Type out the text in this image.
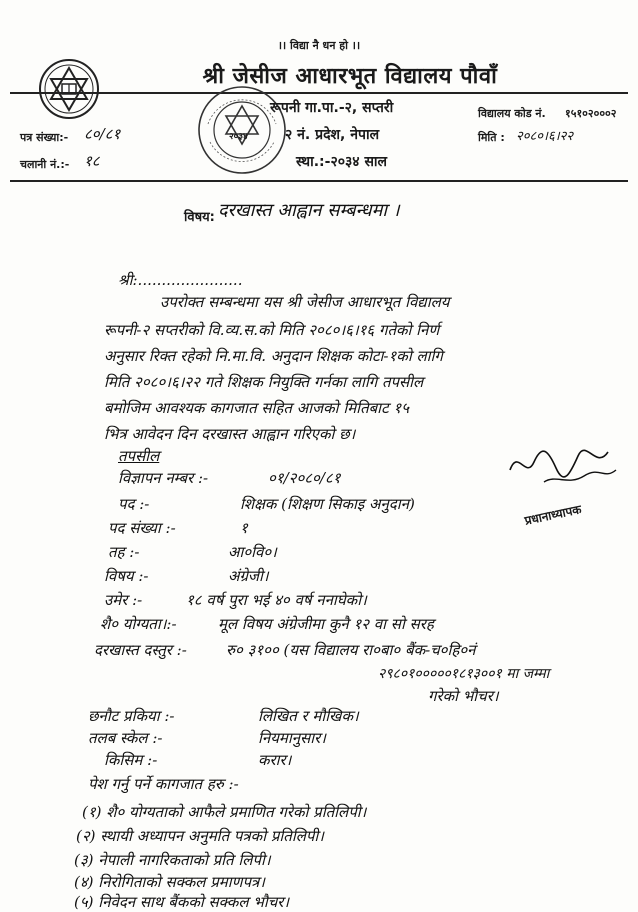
।। विद्या नै धन हो ।।
श्री जेसीज आधारभूत विद्यालय पौवाँ
२०३४
रूपनी गा.पा.-२, सप्तरी
२ नं. प्रदेश, नेपाल
स्था.:-२०३४ साल
विद्यालय कोड नं. १५१०२०००२
मिति : २०८०।६।२२
पत्र संख्या:- ८०/८१
चलानी नं.:- १८
विषय: दरखास्त आह्वान सम्बन्धमा ।
श्री:......................
उपरोक्त सम्बन्धमा यस श्री जेसीज आधारभूत विद्यालय
रूपनी-२ सप्तरीको वि.व्य.स.को मिति २०८०।६।१६ गतेको निर्ण
अनुसार रिक्त रहेको नि.मा.वि. अनुदान शिक्षक कोटा-१को लागि
मिति २०८०।६।२२ गते शिक्षक नियुक्ति गर्नका लागि तपसील
बमोजिम आवश्यक कागजात सहित आजको मितिबाट १५
भित्र आवेदन दिन दरखास्त आह्वान गरिएको छ।
तपसील
विज्ञापन नम्बर :-	०१/२०८०/८१
पद :-	शिक्षक (शिक्षण सिकाइ अनुदान)
पद संख्या :-	१
तह :-	आ०वि०।
विषय :-	अंग्रेजी।
उमेर :-	१८ वर्ष पुरा भई ४० वर्ष ननाघेको।
शै० योग्यता।:-	मूल विषय अंग्रेजीमा कुनै १२ वा सो सरह
दरखास्त दस्तुर :-	रु० ३१०० (यस विद्यालय रा०बा० बैंक-च०हि०नं
२९८०१०००००१८१३००१ मा जम्मा
गरेको भौचर।
छनौट प्रकिया :-	लिखित र मौखिक।
तलब स्केल :-	नियमानुसार।
किसिम :-	करार।
पेश गर्नु पर्ने कागजात हरु :-
(१) शै० योग्यताको आफैले प्रमाणित गरेको प्रतिलिपी।
(२) स्थायी अध्यापन अनुमति पत्रको प्रतिलिपी।
(३) नेपाली नागरिकताको प्रति लिपी।
(४) निरोगिताको सक्कल प्रमाणपत्र।
(५) निवेदन साथ बैंकको सक्कल भौचर।
प्रधानाध्यापक
